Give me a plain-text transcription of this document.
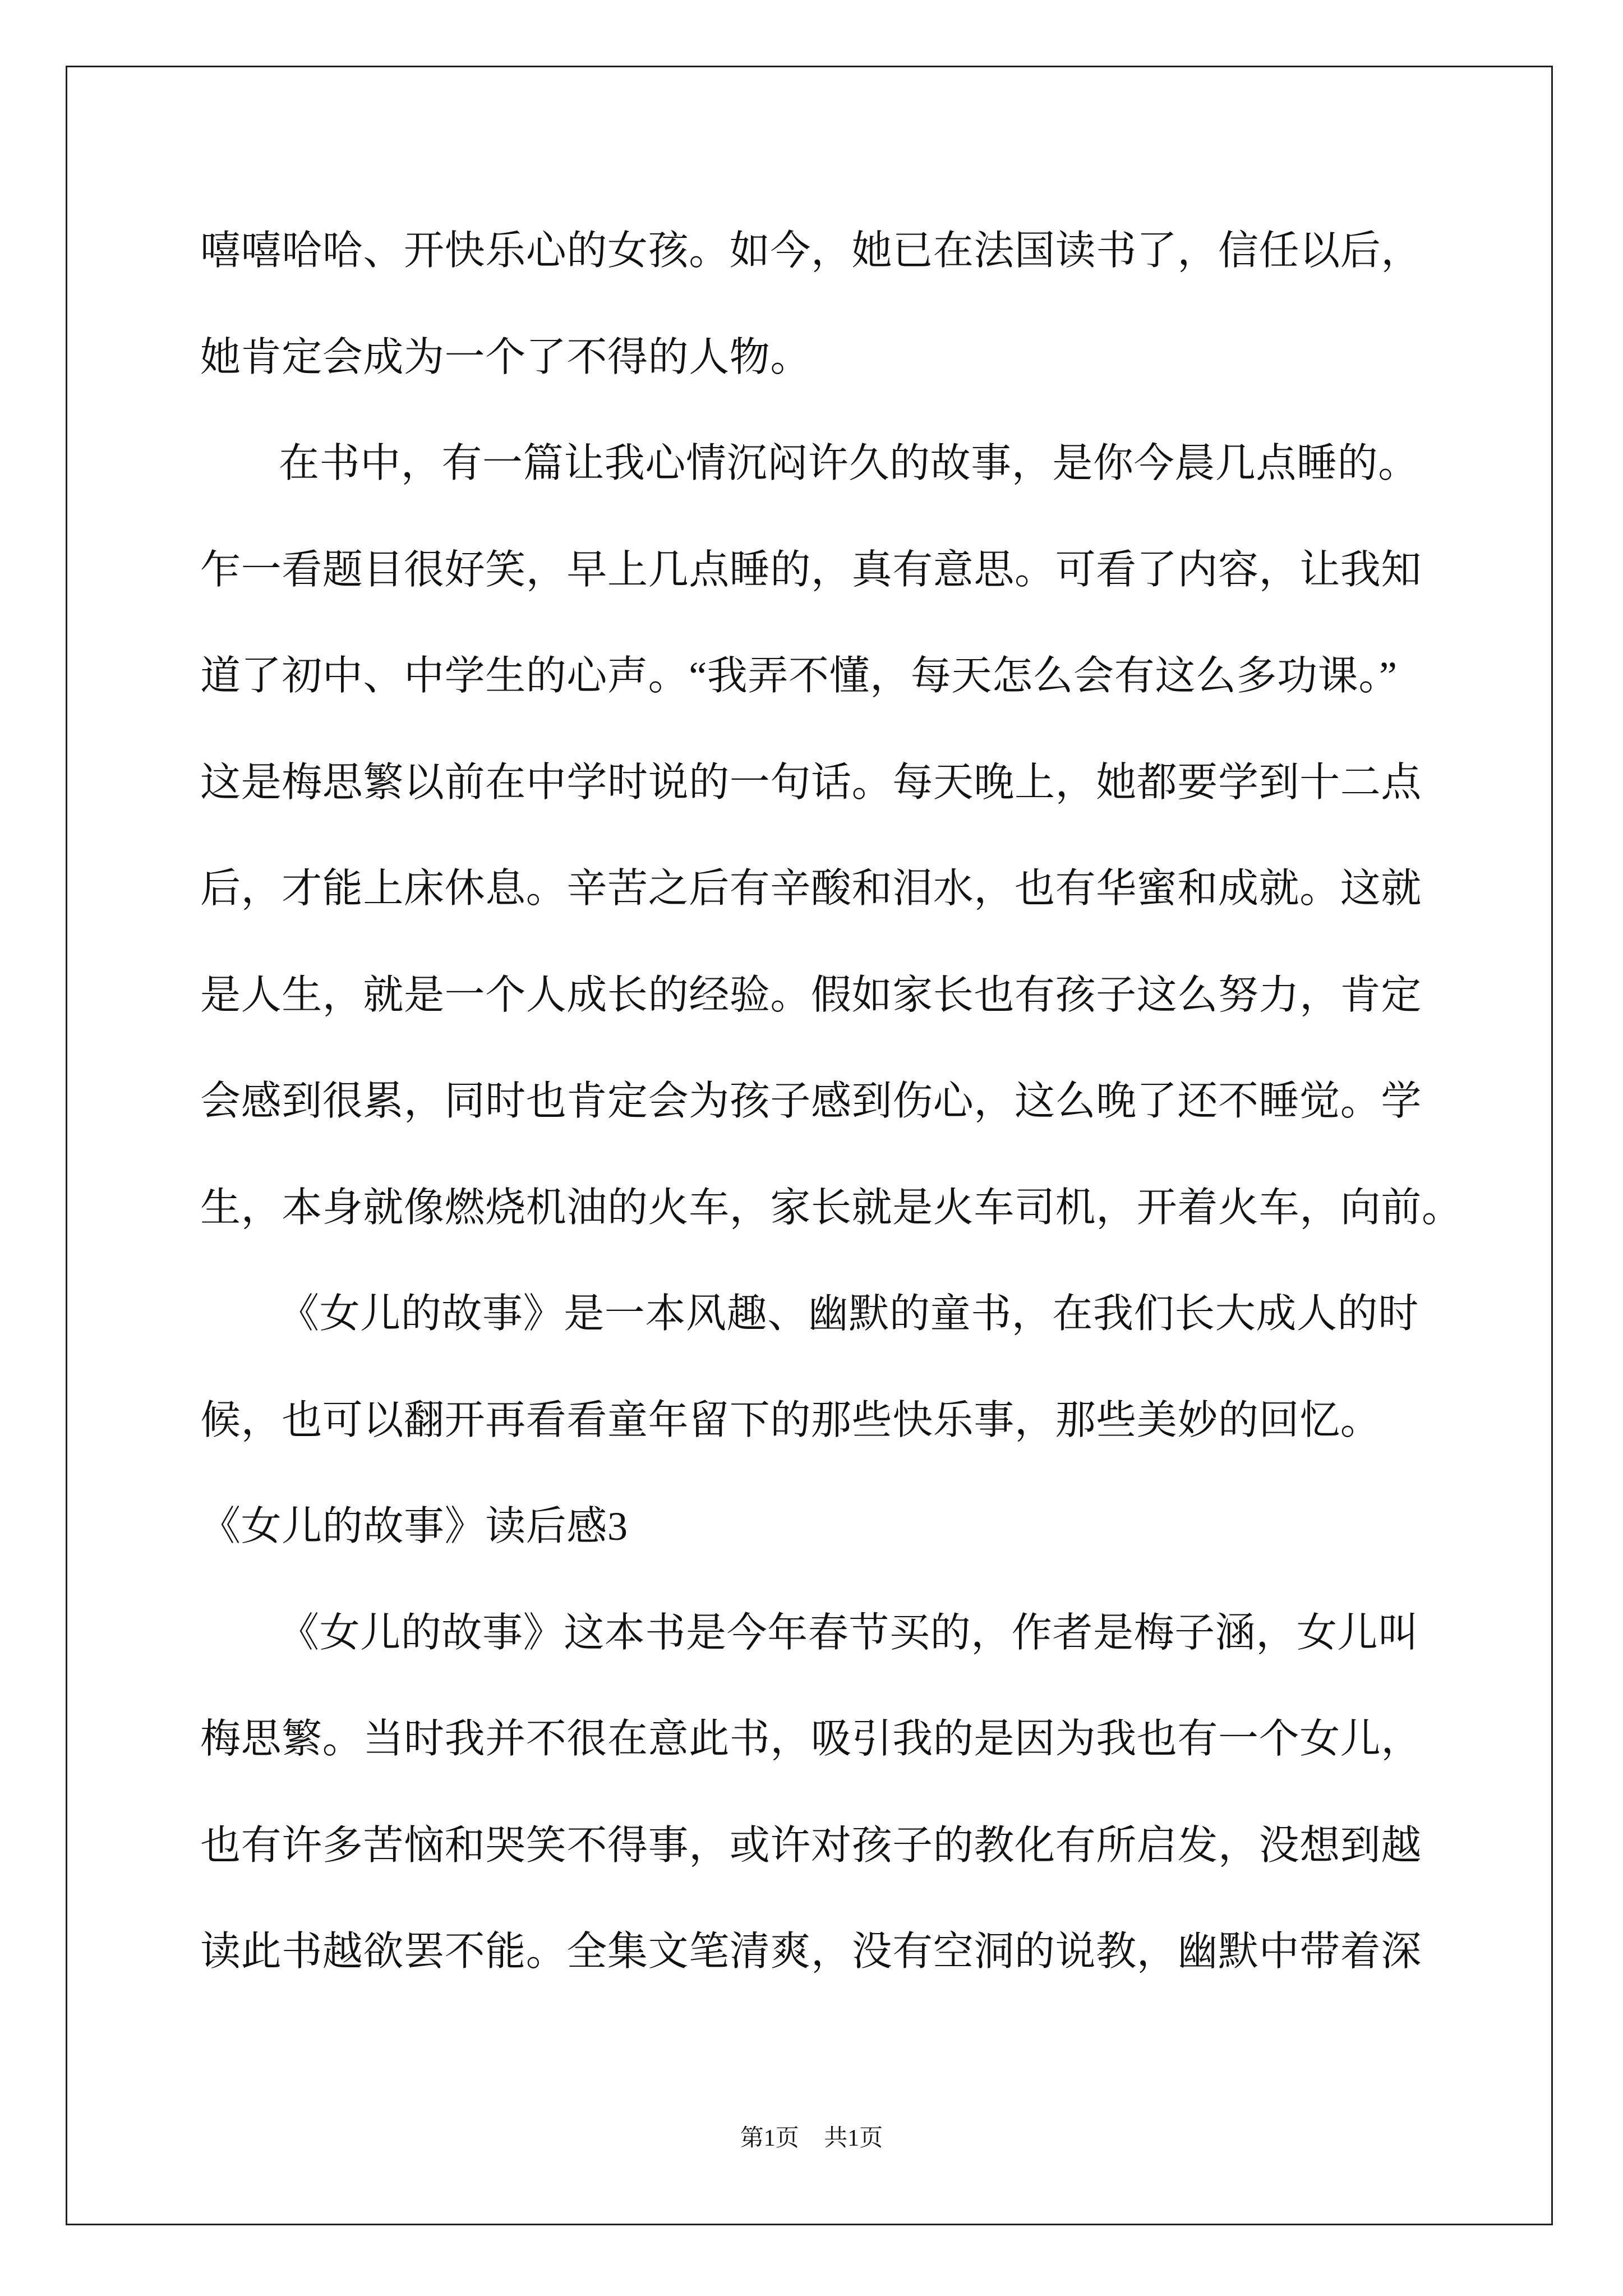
嘻嘻哈哈、开快乐心的女孩。如今，她已在法国读书了，信任以后，
她肯定会成为一个了不得的人物。
在书中，有一篇让我心情沉闷许久的故事，是你今晨几点睡的。
乍一看题目很好笑，早上几点睡的，真有意思。可看了内容，让我知
道了初中、中学生的心声。“我弄不懂，每天怎么会有这么多功课。”
这是梅思繁以前在中学时说的一句话。每天晚上，她都要学到十二点
后，才能上床休息。辛苦之后有辛酸和泪水，也有华蜜和成就。这就
是人生，就是一个人成长的经验。假如家长也有孩子这么努力，肯定
会感到很累，同时也肯定会为孩子感到伤心，这么晚了还不睡觉。学
生，本身就像燃烧机油的火车，家长就是火车司机，开着火车，向前。
《女儿的故事》是一本风趣、幽默的童书，在我们长大成人的时
候，也可以翻开再看看童年留下的那些快乐事，那些美妙的回忆。
《女儿的故事》读后感3
《女儿的故事》这本书是今年春节买的，作者是梅子涵，女儿叫
梅思繁。当时我并不很在意此书，吸引我的是因为我也有一个女儿，
也有许多苦恼和哭笑不得事，或许对孩子的教化有所启发，没想到越
读此书越欲罢不能。全集文笔清爽，没有空洞的说教，幽默中带着深
第1页 共1页
